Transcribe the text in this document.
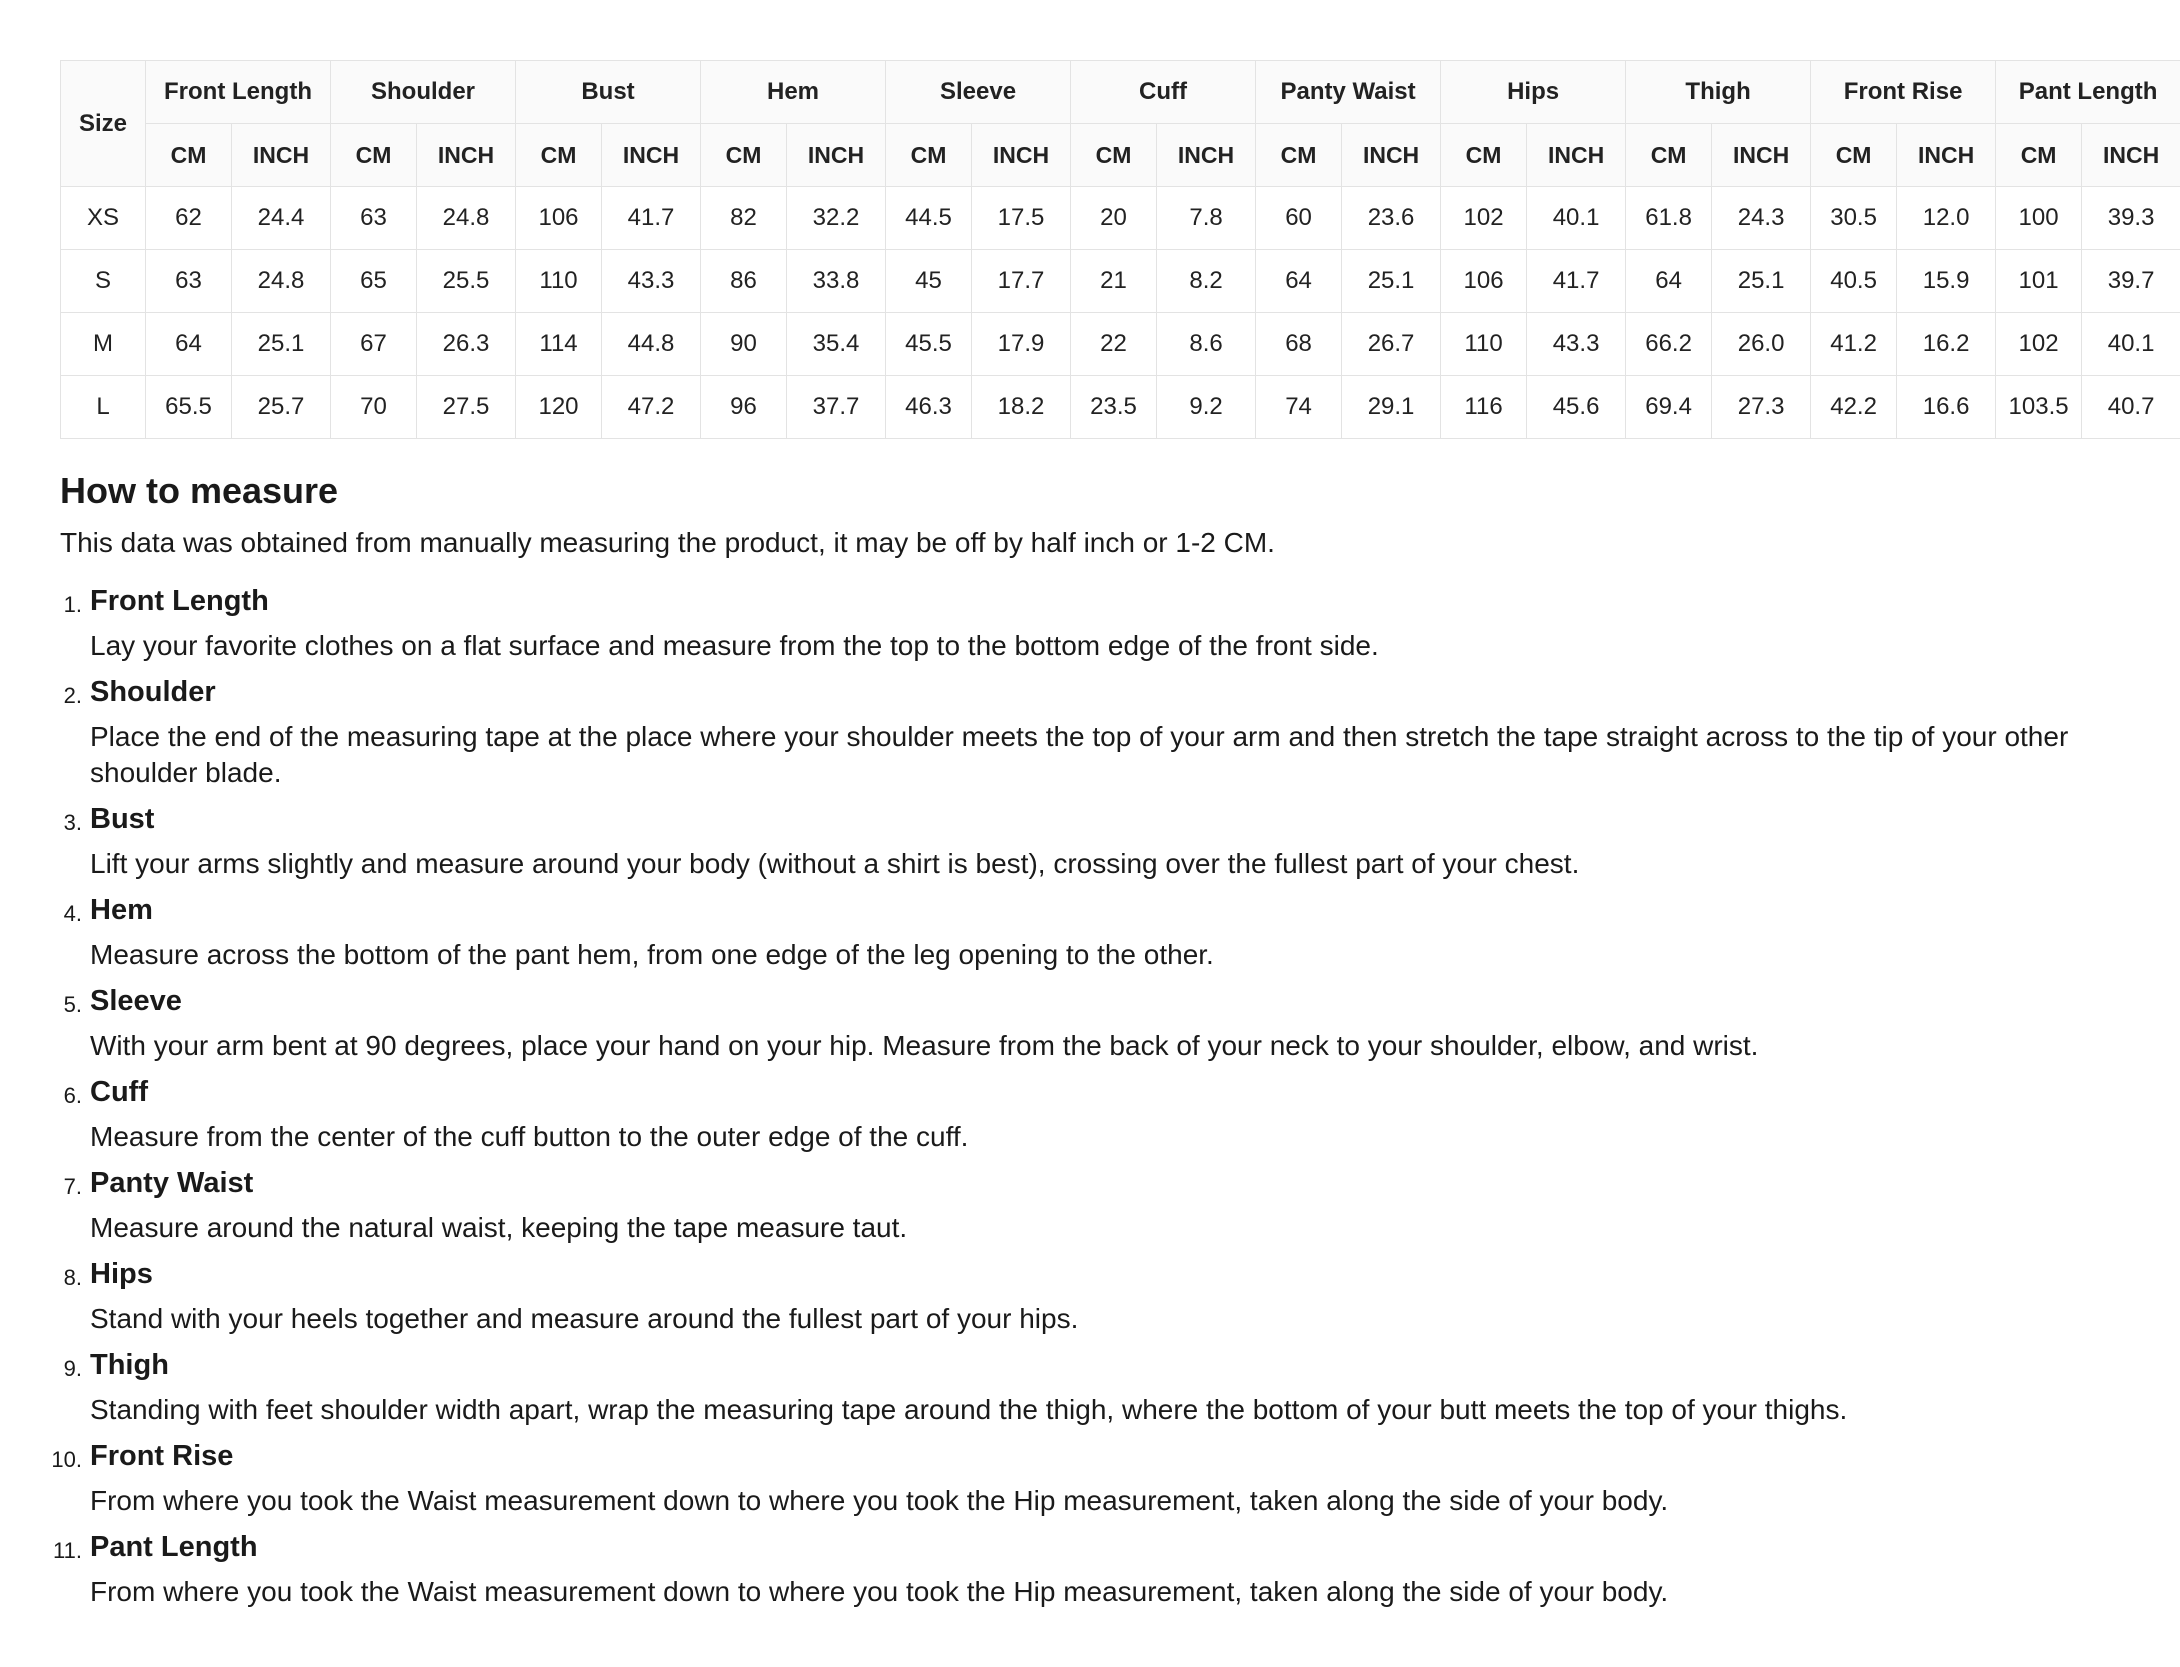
Size	Front Length		Shoulder		Bust		Hem		Sleeve		Cuff		Panty Waist		Hips		Thigh		Front Rise		Pant Length	
	CM	INCH	CM	INCH	CM	INCH	CM	INCH	CM	INCH	CM	INCH	CM	INCH	CM	INCH	CM	INCH	CM	INCH	CM	INCH
XS	62	24.4	63	24.8	106	41.7	82	32.2	44.5	17.5	20	7.8	60	23.6	102	40.1	61.8	24.3	30.5	12.0	100	39.3
S	63	24.8	65	25.5	110	43.3	86	33.8	45	17.7	21	8.2	64	25.1	106	41.7	64	25.1	40.5	15.9	101	39.7
M	64	25.1	67	26.3	114	44.8	90	35.4	45.5	17.9	22	8.6	68	26.7	110	43.3	66.2	26.0	41.2	16.2	102	40.1
L	65.5	25.7	70	27.5	120	47.2	96	37.7	46.3	18.2	23.5	9.2	74	29.1	116	45.6	69.4	27.3	42.2	16.6	103.5	40.7
How to measure

This data was obtained from manually measuring the product, it may be off by half inch or 1-2 CM.

1. Front Length
Lay your favorite clothes on a flat surface and measure from the top to the bottom edge of the front side.
2. Shoulder
Place the end of the measuring tape at the place where your shoulder meets the top of your arm and then stretch the tape straight across to the tip of your other shoulder blade.
3. Bust
Lift your arms slightly and measure around your body (without a shirt is best), crossing over the fullest part of your chest.
4. Hem
Measure across the bottom of the pant hem, from one edge of the leg opening to the other.
5. Sleeve
With your arm bent at 90 degrees, place your hand on your hip. Measure from the back of your neck to your shoulder, elbow, and wrist.
6. Cuff
Measure from the center of the cuff button to the outer edge of the cuff.
7. Panty Waist
Measure around the natural waist, keeping the tape measure taut.
8. Hips
Stand with your heels together and measure around the fullest part of your hips.
9. Thigh
Standing with feet shoulder width apart, wrap the measuring tape around the thigh, where the bottom of your butt meets the top of your thighs.
10. Front Rise
From where you took the Waist measurement down to where you took the Hip measurement, taken along the side of your body.
11. Pant Length
From where you took the Waist measurement down to where you took the Hip measurement, taken along the side of your body.
